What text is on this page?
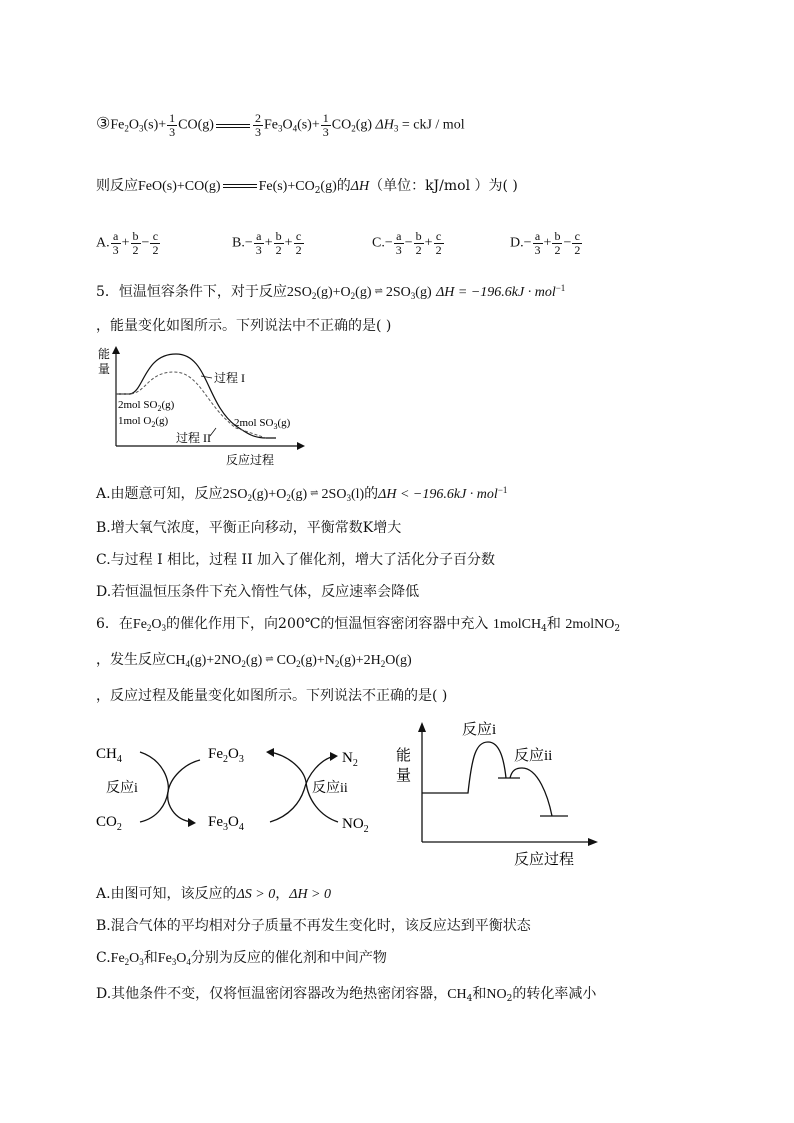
$③Fe_2O_3(s)+ \frac{1}{3} CO(g)$	$\frac{2}{3} Fe_3O_4(s)+ \frac{1}{3} CO_2(g) \Delta H_3$ = ckJ / mol
则反应FeO(s)+CO(g)	$Fe(s)+CO_2(g)$的ΔH（单位：kJ/mol ）为( )
A. $\frac{a}{3} + \frac{b}{2} - \frac{c}{2}$	$B.- \frac{a}{3} + \frac{b}{2} + \frac{c}{2}$	$C.- \frac{a}{3} - \frac{b}{2} + \frac{c}{2}$	$D.- \frac{a}{3} + \frac{b}{2} - \frac{c}{2}$
5．恒温恒容条件下，对于反应$2SO_2(g)+O_2(g)$ ⇌ $2SO_3(g) \Delta H = -196.6kJ \cdot mol^{-1}$
，能量变化如图所示。下列说法中不正确的是( )
能
量
过程 I
2mol $SO_2(g)$
1mol $O_2(g)$	2mol $SO_3(g)$
过程 II
反应过程
A.由题意可知，反应$2SO_2(g)+O_2(g)$ ⇌ $2SO_3(l)$的ΔH < −196.6kJ · mol$^{-1}$
B.增大氧气浓度，平衡正向移动，平衡常数K增大
C.与过程 I 相比，过程 II 加入了催化剂，增大了活化分子百分数
D.若恒温恒压条件下充入惰性气体，反应速率会降低
6．在$Fe_2O_3$的催化作用下，向200℃的恒温恒容密闭容器中充入 1molCH$_4$和 2molNO$_2$
，发生反应$CH_4(g)+2NO_2(g)$ ⇌ $CO_2(g)+N_2(g)+2H_2O(g)$
，反应过程及能量变化如图所示。下列说法不正确的是( )
$CH_4$
反应i
$CO_2$
$Fe_2O_3$
$Fe_3O_4$
$N_2$
反应ii
$NO_2$
能
量
反应i
反应ii
反应过程
A.由图可知，该反应的ΔS > 0，ΔH > 0
B.混合气体的平均相对分子质量不再发生变化时，该反应达到平衡状态
$C.Fe_2O_3$和$Fe_3O_4$分别为反应的催化剂和中间产物
D.其他条件不变，仅将恒温密闭容器改为绝热密闭容器，$CH_4$和$NO_2$的转化率减小
